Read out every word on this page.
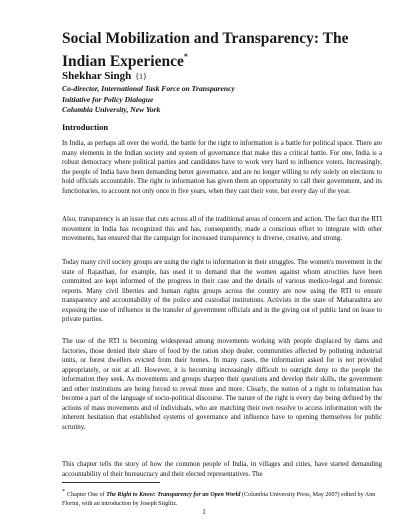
Social Mobilization and Transparency: The Indian Experience*
Shekhar Singh {1}
Co-director, International Task Force on Transparency
Initiative for Policy Dialogue
Columbia University, New York
Introduction

In India, as perhaps all over the world, the battle for the right to information is a battle for political space. There are many elements in the Indian society and system of governance that make this a critical battle. For one, India is a robust democracy where political parties and candidates have to work very hard to influence voters. Increasingly, the people of India have been demanding better governance, and are no longer willing to rely solely on elections to hold officials accountable. The right to information has given them an opportunity to call their government, and its functionaries, to account not only once in five years, when they cast their vote, but every day of the year.

Also, transparency is an issue that cuts across all of the traditional areas of concern and action. The fact that the RTI movement in India has recognized this and has, consequently, made a conscious effort to integrate with other movements, has ensured that the campaign for increased transparency is diverse, creative, and strong.

Today many civil society groups are using the right to information in their struggles. The women's movement in the state of Rajasthan, for example, has used it to demand that the women against whom atrocities have been committed are kept informed of the progress in their case and the details of various medico-legal and forensic reports. Many civil liberties and human rights groups across the country are now using the RTI to ensure transparency and accountability of the police and custodial institutions. Activists in the state of Maharashtra are exposing the use of influence in the transfer of government officials and in the giving out of public land on lease to private parties.

The use of the RTI is becoming widespread among movements working with people displaced by dams and factories, those denied their share of food by the ration shop dealer, communities affected by polluting industrial units, or forest dwellers evicted from their homes. In many cases, the information asked for is not provided appropriately, or not at all. However, it is becoming increasingly difficult to outright deny to the people the information they seek. As movements and groups sharpen their questions and develop their skills, the government and other institutions are being forced to reveal more and more. Clearly, the notion of a right to information has become a part of the language of socio-political discourse. The nature of the right is every day being defined by the actions of mass movements and of individuals, who are matching their own resolve to access information with the inherent hesitation that established systems of governance and influence have to opening themselves for public scrutiny.

This chapter tells the story of how the common people of India, in villages and cities, have started demanding accountability of their bureaucracy and their elected representatives. The

* Chapter One of The Right to Know: Transparency for an Open World (Columbia University Press, May 2007) edited by Ann Florini, with an introduction by Joseph Stiglitz.

1
